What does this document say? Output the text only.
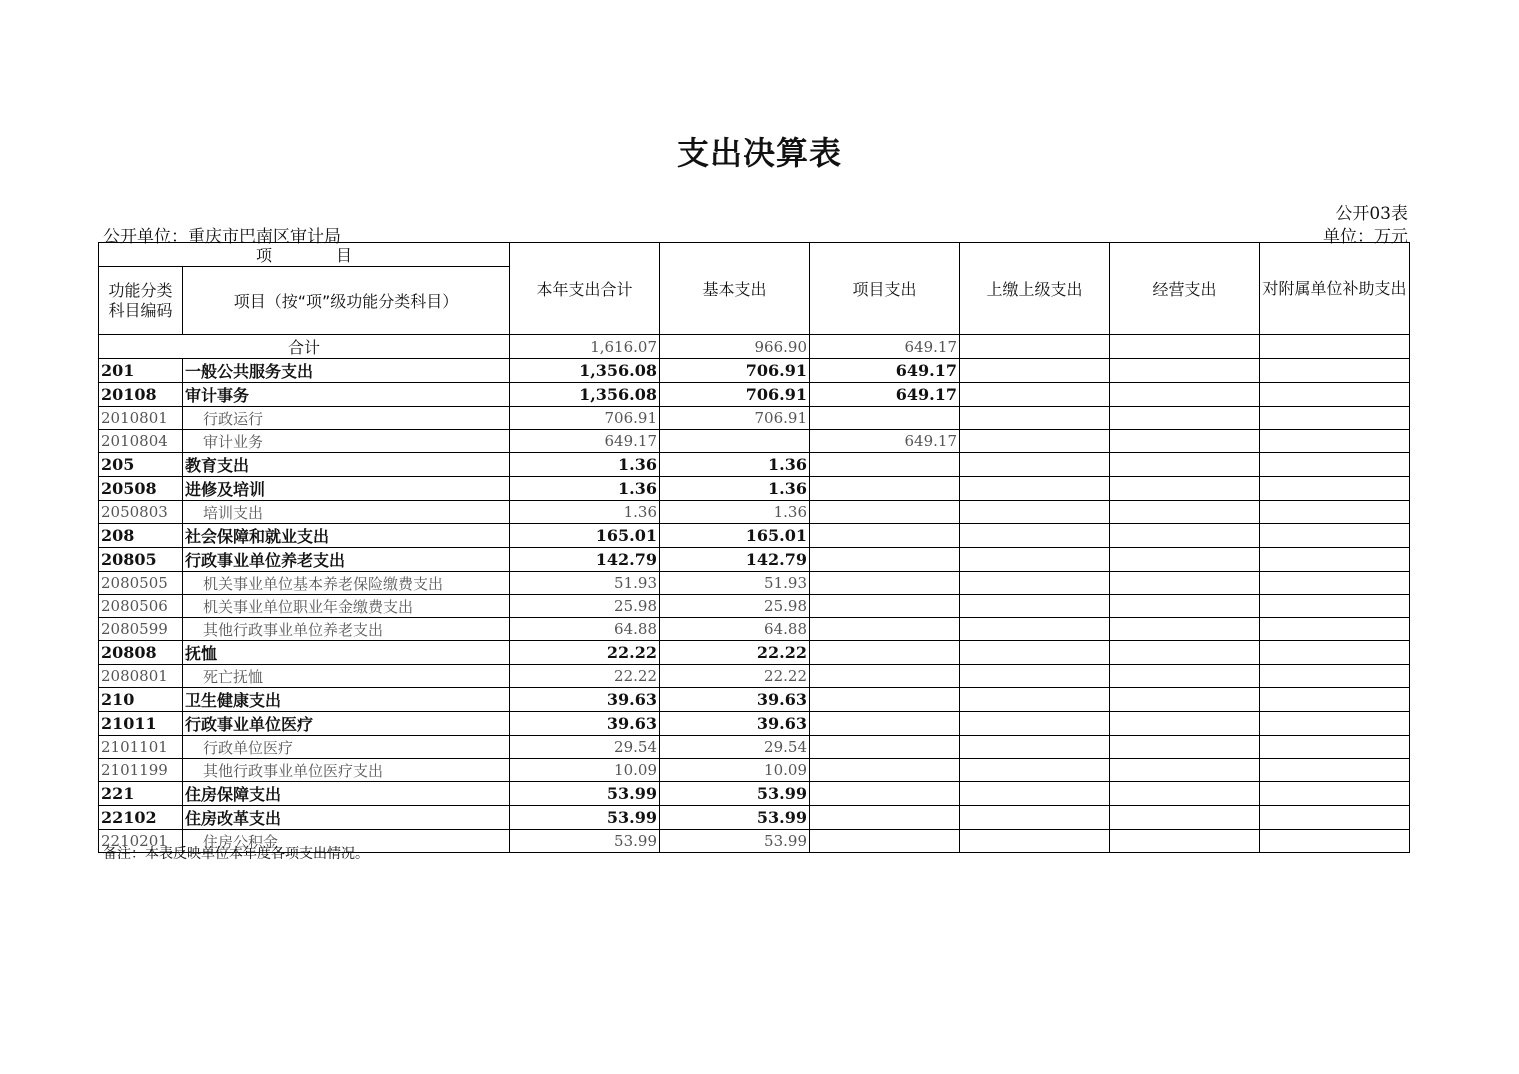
支出决算表
公开03表
公开单位：重庆市巴南区审计局	单位：万元
项　　　　目		本年支出合计	基本支出	项目支出	上缴上级支出	经营支出	对附属单位补助支出
功能分类科目编码	项目（按“项”级功能分类科目）						
合计		1,616.07	966.90	649.17			
201	一般公共服务支出	1,356.08	706.91	649.17			
20108	审计事务	1,356.08	706.91	649.17			
2010801	行政运行	706.91	706.91				
2010804	审计业务	649.17		649.17			
205	教育支出	1.36	1.36				
20508	进修及培训	1.36	1.36				
2050803	培训支出	1.36	1.36				
208	社会保障和就业支出	165.01	165.01				
20805	行政事业单位养老支出	142.79	142.79				
2080505	机关事业单位基本养老保险缴费支出	51.93	51.93				
2080506	机关事业单位职业年金缴费支出	25.98	25.98				
2080599	其他行政事业单位养老支出	64.88	64.88				
20808	抚恤	22.22	22.22				
2080801	死亡抚恤	22.22	22.22				
210	卫生健康支出	39.63	39.63				
21011	行政事业单位医疗	39.63	39.63				
2101101	行政单位医疗	29.54	29.54				
2101199	其他行政事业单位医疗支出	10.09	10.09				
221	住房保障支出	53.99	53.99				
22102	住房改革支出	53.99	53.99				
2210201	住房公积金	53.99	53.99				
备注：本表反映单位本年度各项支出情况。
